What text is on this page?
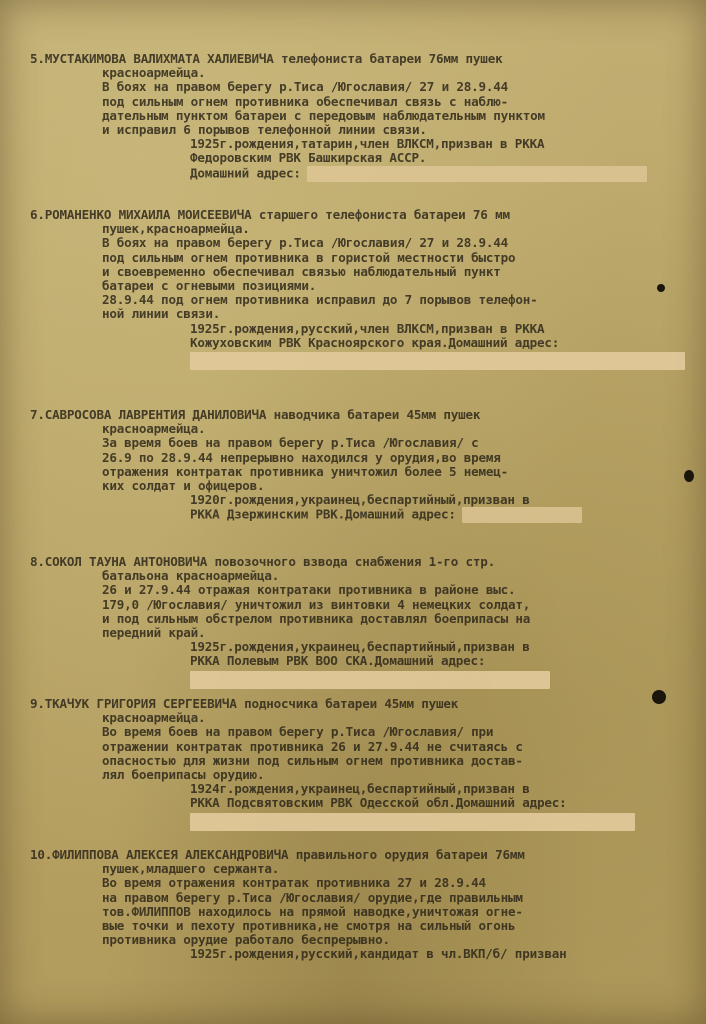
5.МУСТАКИМОВА ВАЛИХМАТА ХАЛИЕВИЧА телефониста батареи 76мм пушек
красноармейца.
В боях на правом берегу р.Тиса /Югославия/ 27 и 28.9.44
под сильным огнем противника обеспечивал связь с наблю-
дательным пунктом батареи с передовым наблюдательным пунктом
и исправил 6 порывов телефонной линии связи.
1925г.рождения,татарин,член ВЛКСМ,призван в РККА
Федоровским РВК Башкирская АССР.
Домашний адрес:
6.РОМАНЕНКО МИХАИЛА МОИСЕЕВИЧА старшего телефониста батареи 76 мм
пушек,красноармейца.
В боях на правом берегу р.Тиса /Югославия/ 27 и 28.9.44
под сильным огнем противника в гористой местности быстро
и своевременно обеспечивал связью наблюдательный пункт
батареи с огневыми позициями.
28.9.44 под огнем противника исправил до 7 порывов телефон-
ной линии связи.
1925г.рождения,русский,член ВЛКСМ,призван в РККА
Кожуховским РВК Красноярского края.Домашний адрес:
7.САВРОСОВА ЛАВРЕНТИЯ ДАНИЛОВИЧА наводчика батареи 45мм пушек
красноармейца.
За время боев на правом берегу р.Тиса /Югославия/ с
26.9 по 28.9.44 непрерывно находился у орудия,во время
отражения контратак противника уничтожил более 5 немец-
ких солдат и офицеров.
1920г.рождения,украинец,беспартийный,призван в
РККА Дзержинским РВК.Домашний адрес:
8.СОКОЛ ТАУНА АНТОНОВИЧА повозочного взвода снабжения 1-го стр.
батальона красноармейца.
26 и 27.9.44 отражая контратаки противника в районе выс.
179,0 /Югославия/ уничтожил из винтовки 4 немецких солдат,
и под сильным обстрелом противника доставлял боеприпасы на
передний край.
1925г.рождения,украинец,беспартийный,призван в
РККА Полевым РВК ВОО СКА.Домашний адрес:
9.ТКАЧУК ГРИГОРИЯ СЕРГЕЕВИЧА подносчика батареи 45мм пушек
красноармейца.
Во время боев на правом берегу р.Тиса /Югославия/ при
отражении контратак противника 26 и 27.9.44 не считаясь с
опасностью для жизни под сильным огнем противника достав-
лял боеприпасы орудию.
1924г.рождения,украинец,беспартийный,призван в
РККА Подсвятовским РВК Одесской обл.Домашний адрес:
10.ФИЛИППОВА АЛЕКСЕЯ АЛЕКСАНДРОВИЧА правильного орудия батареи 76мм
пушек,младшего сержанта.
Во время отражения контратак противника 27 и 28.9.44
на правом берегу р.Тиса /Югославия/ орудие,где правильным
тов.ФИЛИППОВ находилось на прямой наводке,уничтожая огне-
вые точки и пехоту противника,не смотря на сильный огонь
противника орудие работало беспрерывно.
1925г.рождения,русский,кандидат в чл.ВКП/б/ призван
